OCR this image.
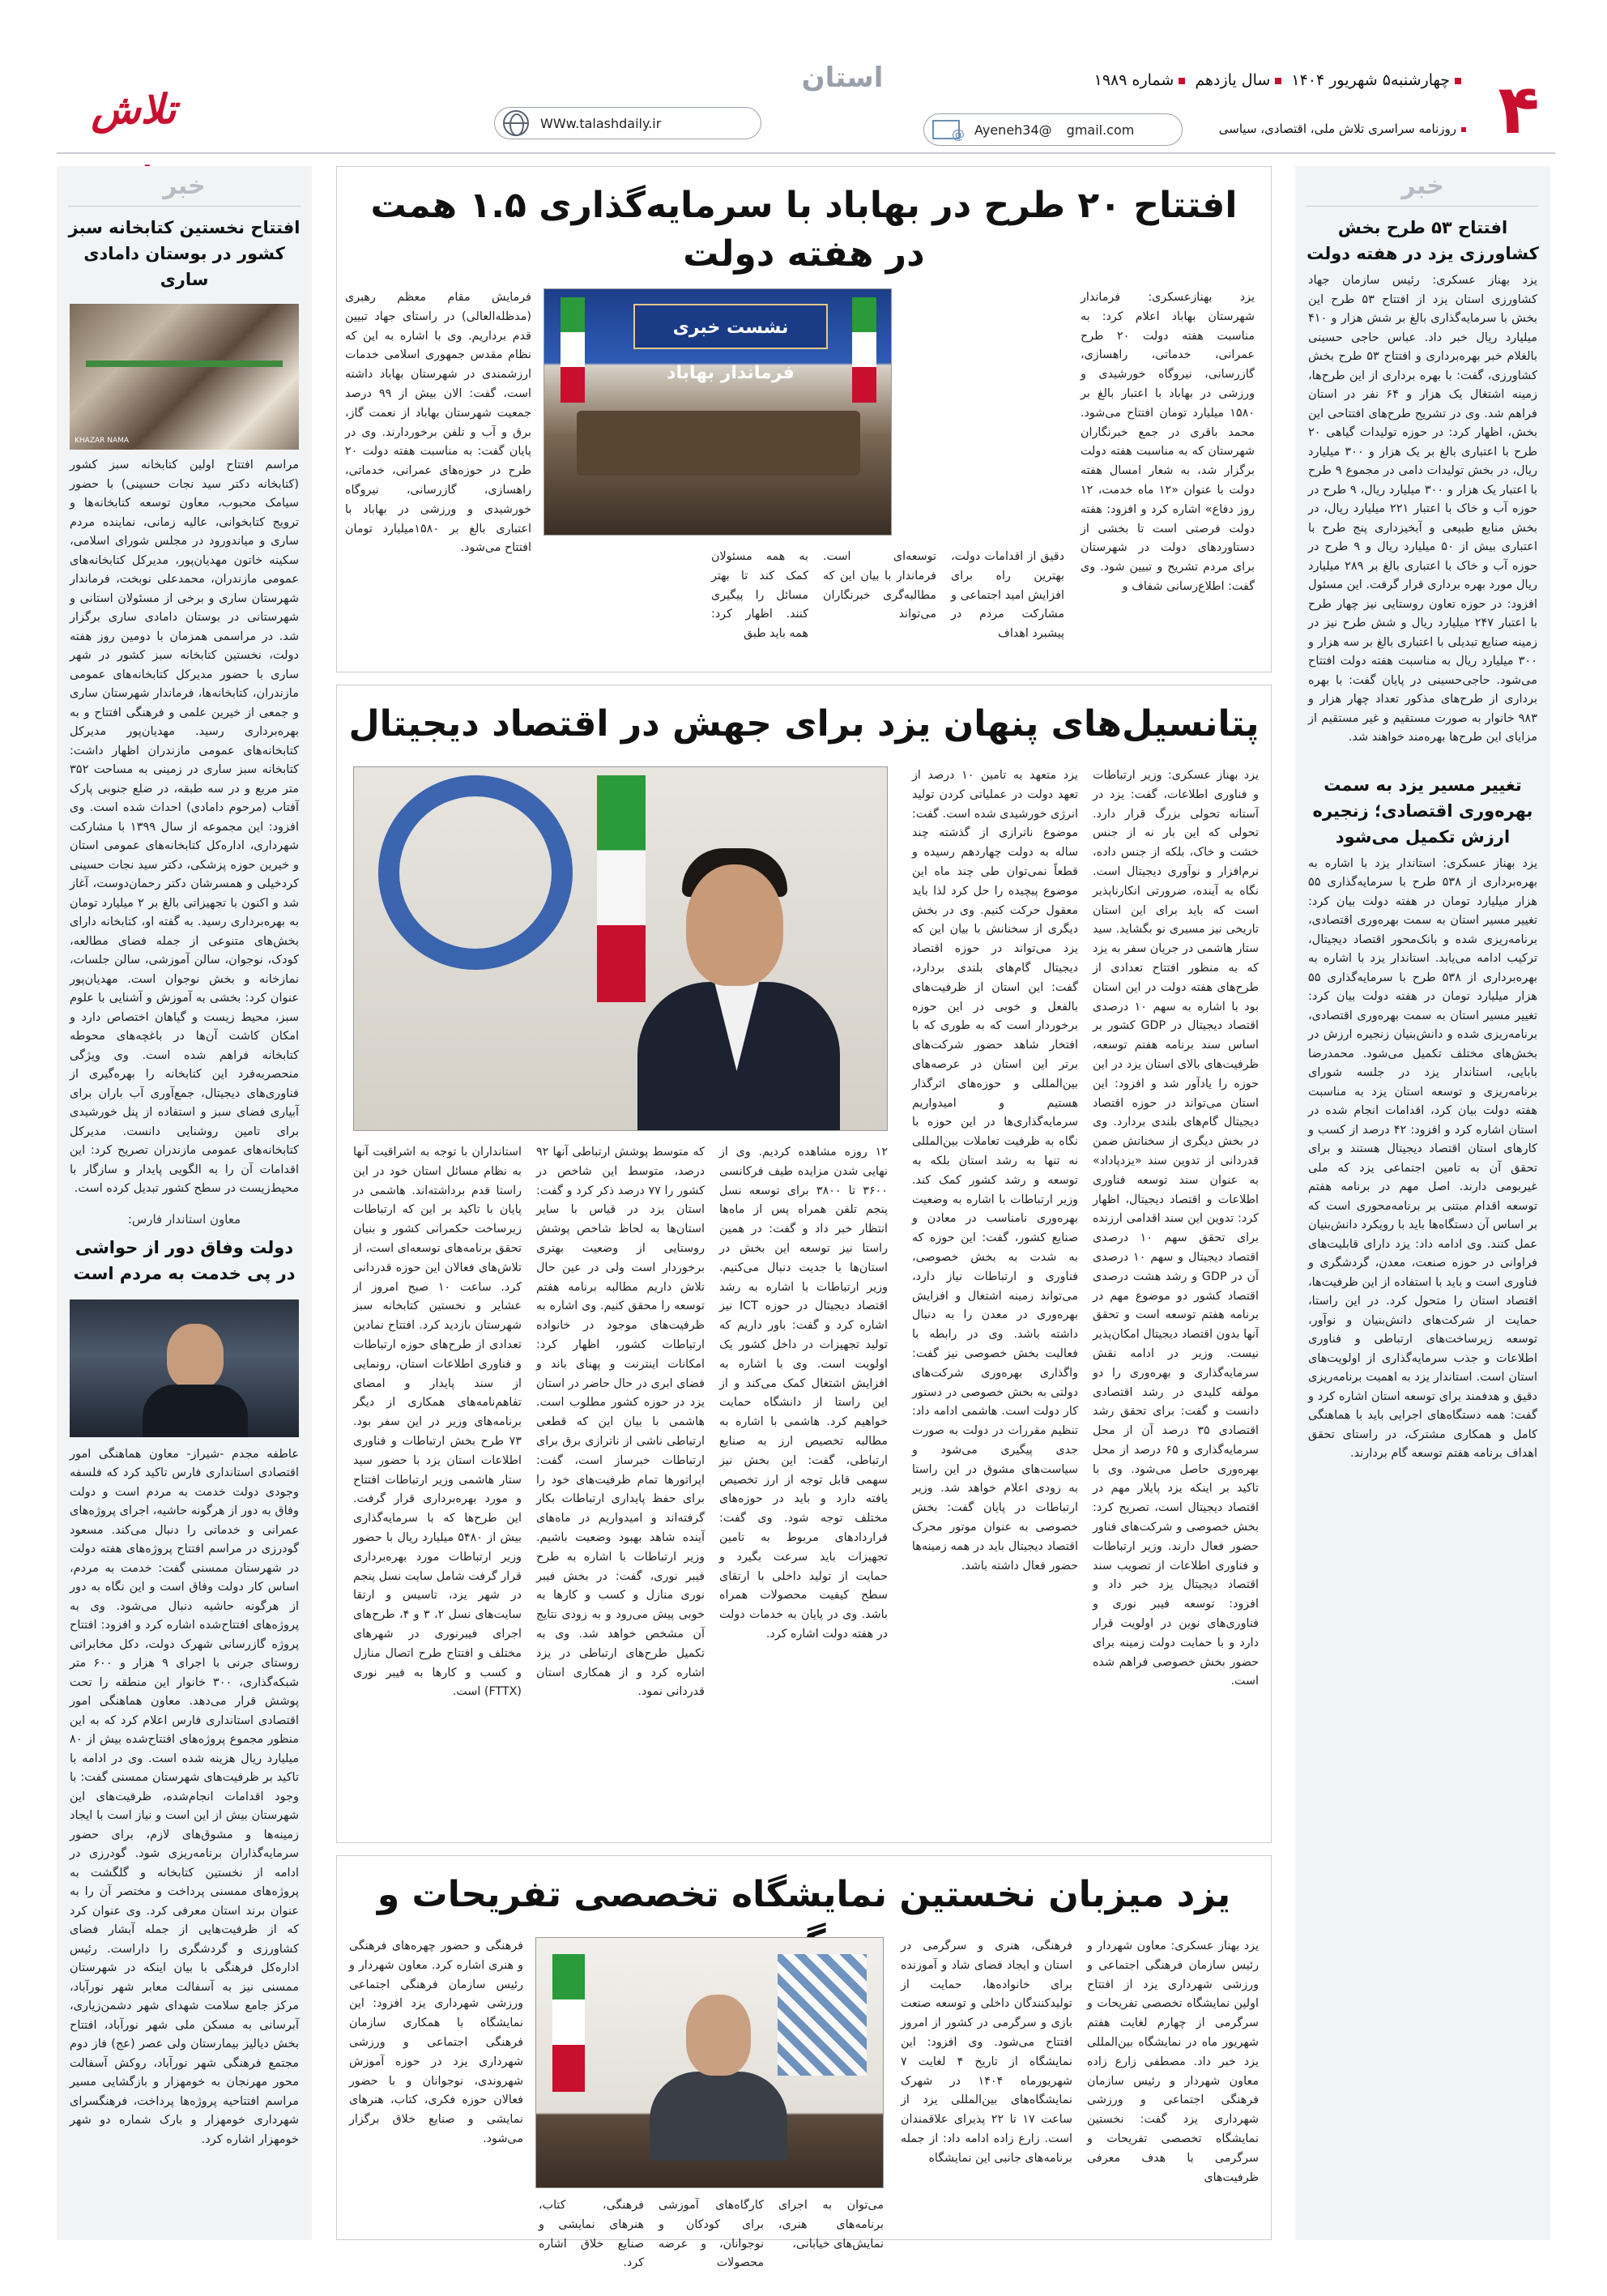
۴
چهارشنبه۵ شهریور ۱۴۰۴ سال یازدهم شماره ۱۹۸۹
روزنامه سراسری تلاش ملی، اقتصادی، سیاسی
استان
@
Ayeneh34@ gmail.com
WWw.talashdaily.ir
تلاش
خبر
افتتاح ۵۳ طرح بخش کشاورزی یزد در هفته دولت

یزد بهناز عسکری: رئیس سازمان جهاد کشاورزی استان یزد از افتتاح ۵۳ طرح این بخش با سرمایه‌گذاری بالغ بر شش هزار و ۴۱۰ میلیارد ریال خبر داد. عباس حاجی حسینی بالغلام خبر بهره‌برداری و افتتاح ۵۳ طرح بخش کشاورزی، گفت: با بهره برداری از این طرح‌ها، زمینه اشتغال یک هزار و ۶۴ نفر در استان فراهم شد. وی در تشریح طرح‌های افتتاحی این بخش، اظهار کرد: در حوزه تولیدات گیاهی ۲۰ طرح با اعتباری بالغ بر یک هزار و ۳۰۰ میلیارد ریال، در بخش تولیدات دامی در مجموع ۹ طرح با اعتبار یک هزار و ۳۰۰ میلیارد ریال، ۹ طرح در حوزه آب و خاک با اعتبار ۲۲۱ میلیارد ریال، در بخش منابع طبیعی و آبخیزداری پنج طرح با اعتباری بیش از ۵۰ میلیارد ریال و ۹ طرح در حوزه آب و خاک با اعتباری بالغ بر ۲۸۹ میلیارد ریال مورد بهره برداری قرار گرفت. این مسئول افزود: در حوزه تعاون روستایی نیز چهار طرح با اعتبار ۲۴۷ میلیارد ریال و شش طرح نیز در زمینه صنایع تبدیلی با اعتباری بالغ بر سه هزار و ۳۰۰ میلیارد ریال به مناسبت هفته دولت افتتاح می‌شود. حاجی‌حسینی در پایان گفت: با بهره برداری از طرح‌های مذکور تعداد چهار هزار و ۹۸۳ خانوار به صورت مستقیم و غیر مستقیم از مزایای این طرح‌ها بهره‌مند خواهند شد.

تغییر مسیر یزد به سمت بهره‌وری اقتصادی؛ زنجیره ارزش تکمیل می‌شود

یزد بهناز عسکری: استاندار یزد با اشاره به بهره‌برداری از ۵۳۸ طرح با سرمایه‌گذاری ۵۵ هزار میلیارد تومان در هفته دولت بیان کرد: تغییر مسیر استان به سمت بهره‌وری اقتصادی، برنامه‌ریزی شده و بانک‌محور اقتصاد دیجیتال، ترکیب ادامه می‌یابد. استاندار یزد با اشاره به بهره‌برداری از ۵۳۸ طرح با سرمایه‌گذاری ۵۵ هزار میلیارد تومان در هفته دولت بیان کرد: تغییر مسیر استان به سمت بهره‌وری اقتصادی، برنامه‌ریزی شده و دانش‌بنیان زنجیره ارزش در بخش‌های مختلف تکمیل می‌شود. محمدرضا بابایی، استاندار یزد در جلسه شورای برنامه‌ریزی و توسعه استان یزد به مناسبت هفته دولت بیان کرد، اقدامات انجام شده در استان اشاره کرد و افزود: ۴۲ درصد از کسب و کارهای استان اقتصاد دیجیتال هستند و برای تحقق آن به تامین اجتماعی یزد که ملی غیربومی دارند. اصل مهم در برنامه هفتم توسعه اقدام مبتنی بر برنامه‌محوری است که بر اساس آن دستگاه‌ها باید با رویکرد دانش‌بنیان عمل کنند. وی ادامه داد: یزد دارای قابلیت‌های فراوانی در حوزه صنعت، معدن، گردشگری و فناوری است و باید با استفاده از این ظرفیت‌ها، اقتصاد استان را متحول کرد. در این راستا، حمایت از شرکت‌های دانش‌بنیان و نوآور، توسعه زیرساخت‌های ارتباطی و فناوری اطلاعات و جذب سرمایه‌گذاری از اولویت‌های استان است. استاندار یزد به اهمیت برنامه‌ریزی دقیق و هدفمند برای توسعه استان اشاره کرد و گفت: همه دستگاه‌های اجرایی باید با هماهنگی کامل و همکاری مشترک، در راستای تحقق اهداف برنامه هفتم توسعه گام بردارند.

خبر
افتتاح نخستین کتابخانه سبز کشور در بوستان دامادی ساری
KHAZAR NAMA

مراسم افتتاح اولین کتابخانه سبز کشور (کتابخانه دکتر سید نجات حسینی) با حضور سیامک محبوب، معاون توسعه کتابخانه‌ها و ترویج کتابخوانی، عالیه زمانی، نماینده مردم ساری و میاندورود در مجلس شورای اسلامی، سکینه خاتون مهدیان‌پور، مدیرکل کتابخانه‌های عمومی مازندران، محمدعلی نوبخت، فرماندار شهرستان ساری و برخی از مسئولان استانی و شهرستانی در بوستان دامادی ساری برگزار شد. در مراسمی همزمان با دومین روز هفته دولت، نخستین کتابخانه سبز کشور در شهر ساری با حضور مدیرکل کتابخانه‌های عمومی مازندران، کتابخانه‌ها، فرماندار شهرستان ساری و جمعی از خیرین علمی و فرهنگی افتتاح و به بهره‌برداری رسید. مهدیان‌پور مدیرکل کتابخانه‌های عمومی مازندران اظهار داشت: کتابخانه سبز ساری در زمینی به مساحت ۳۵۲ متر مربع و در سه طبقه، در ضلع جنوبی پارک آفتاب (مرحوم دامادی) احداث شده است. وی افزود: این مجموعه از سال ۱۳۹۹ با مشارکت شهرداری، اداره‌کل کتابخانه‌های عمومی استان و خیرین حوزه پزشکی، دکتر سید نجات حسینی کردخیلی و همسرشان دکتر رحمان‌دوست، آغاز شد و اکنون با تجهیزاتی بالغ بر ۲ میلیارد تومان به بهره‌برداری رسید. به گفته او، کتابخانه دارای بخش‌های متنوعی از جمله فضای مطالعه، کودک، نوجوان، سالن آموزشی، سالن جلسات، نمازخانه و بخش نوجوان است. مهدیان‌پور عنوان کرد: بخشی به آموزش و آشنایی با علوم سبز، محیط زیست و گیاهان اختصاص دارد و امکان کاشت آن‌ها در باغچه‌های محوطه کتابخانه فراهم شده است. وی ویژگی منحصربه‌فرد این کتابخانه را بهره‌گیری از فناوری‌های دیجیتال، جمع‌آوری آب باران برای آبیاری فضای سبز و استفاده از پنل خورشیدی برای تامین روشنایی دانست. مدیرکل کتابخانه‌های عمومی مازندران تصریح کرد: این اقدامات آن را به الگویی پایدار و سازگار با محیط‌زیست در سطح کشور تبدیل کرده است.

معاون استاندار فارس:
دولت وفاق دور از حواشی در پی خدمت به مردم است

عاطفه مجدم -شیراز- معاون هماهنگی امور اقتصادی استانداری فارس تاکید کرد که فلسفه وجودی دولت خدمت به مردم است و دولت وفاق به دور از هرگونه حاشیه، اجرای پروژه‌های عمرانی و خدماتی را دنبال می‌کند. مسعود گودرزی در مراسم افتتاح پروژه‌های هفته دولت در شهرستان ممسنی گفت: خدمت به مردم، اساس کار دولت وفاق است و این نگاه به دور از هرگونه حاشیه دنبال می‌شود. وی به پروژه‌های افتتاح‌شده اشاره کرد و افزود: افتتاح پروژه گازرسانی شهرک دولت، دکل مخابراتی روستای جرنی با اجرای ۹ هزار و ۶۰۰ متر شبکه‌گذاری، ۳۰۰ خانوار این منطقه را تحت پوشش قرار می‌دهد. معاون هماهنگی امور اقتصادی استانداری فارس اعلام کرد که به این منظور مجموع پروژه‌های افتتاح‌شده بیش از ۸۰ میلیارد ریال هزینه شده است. وی در ادامه با تاکید بر ظرفیت‌های شهرستان ممسنی گفت: با وجود اقدامات انجام‌شده، ظرفیت‌های این شهرستان بیش از این است و نیاز است با ایجاد زمینه‌ها و مشوق‌های لازم، برای حضور سرمایه‌گذاران برنامه‌ریزی شود. گودرزی در ادامه از نخستین کتابخانه و گلگشت به پروژه‌های ممسنی پرداخت و مختصر آن را به عنوان برند استان معرفی کرد. وی عنوان کرد که از ظرفیت‌هایی از جمله آبشار فضای کشاورزی و گردشگری را داراست. رئیس اداره‌کل فرهنگی با بیان اینکه در شهرستان ممسنی نیز به آسفالت معابر شهر نورآباد، مرکز جامع سلامت شهدای شهر دشمن‌زیاری، آبرسانی به مسکن ملی شهر نورآباد، افتتاح بخش دیالیز بیمارستان ولی عصر (عج) فاز دوم مجتمع فرهنگی شهر نورآباد، روکش آسفالت محور مهرنجان به خومهزار و بازگشایی مسیر مراسم افتتاحیه پروژه‌ها پرداخت، فرهنگسرای شهرداری خومهزار و بارک شماره دو شهر خومهزار اشاره کرد.

افتتاح ۲۰ طرح در بهاباد با سرمایه‌گذاری ۱.۵ همت در هفته دولت
نشست خبری فرماندار بهاباد
یزد بهنازعسکری: فرماندار شهرستان بهاباد اعلام کرد: به مناسبت هفته دولت ۲۰ طرح عمرانی، خدماتی، راهسازی، گازرسانی، نیروگاه خورشیدی و ورزشی در بهاباد با اعتبار بالغ بر ۱۵۸۰ میلیارد تومان افتتاح می‌شود. محمد باقری در جمع خبرنگاران شهرستان که به مناسبت هفته دولت برگزار شد، به شعار امسال هفته دولت با عنوان «۱۲ ماه خدمت، ۱۲ روز دفاع» اشاره کرد و افزود: هفته دولت فرصتی است تا بخشی از دستاوردهای دولت در شهرستان برای مردم تشریح و تبیین شود. وی گفت: اطلاع‌رسانی شفاف و
دقیق از اقدامات دولت، بهترین راه برای افزایش امید اجتماعی و مشارکت مردم در پیشبرد اهداف
توسعه‌ای است. فرماندار با بیان این که مطالبه‌گری خبرنگاران می‌تواند
به همه مسئولان کمک کند تا بهتر مسائل را پیگیری کنند. اظهار کرد: همه باید طبق
فرمایش مقام معظم رهبری (مدظله‌العالی) در راستای جهاد تبیین قدم برداریم. وی با اشاره به این که نظام مقدس جمهوری اسلامی خدمات ارزشمندی در شهرستان بهاباد داشته است، گفت: الان بیش از ۹۹ درصد جمعیت شهرستان بهاباد از نعمت گاز، برق و آب و تلفن برخوردارند. وی در پایان گفت: به مناسبت هفته دولت ۲۰ طرح در حوزه‌های عمرانی، خدماتی، راهسازی، گازرسانی، نیروگاه خورشیدی و ورزشی در بهاباد با اعتباری بالغ بر ۱۵۸۰میلیارد تومان افتتاح می‌شود.
پتانسیل‌های پنهان یزد برای جهش در اقتصاد دیجیتال
یزد بهناز عسکری: وزیر ارتباطات و فناوری اطلاعات، گفت: یزد در آستانه تحولی بزرگ قرار دارد. تحولی که این بار نه از جنس خشت و خاک، بلکه از جنس داده، نرم‌افزار و نوآوری دیجیتال است. نگاه به آینده، ضرورتی انکارناپذیر است که باید برای این استان تاریخی نیز مسیری نو بگشاید. سید ستار هاشمی در جریان سفر به یزد که به منظور افتتاح تعدادی از طرح‌های هفته دولت در این استان بود با اشاره به سهم ۱۰ درصدی اقتصاد دیجیتال در GDP کشور بر اساس سند برنامه هفتم توسعه، ظرفیت‌های بالای استان یزد در این حوزه را یادآور شد و افزود: این استان می‌تواند در حوزه اقتصاد دیجیتال گام‌های بلندی بردارد. وی در بخش دیگری از سخنانش ضمن قدردانی از تدوین سند «یزدپاداد» به عنوان سند توسعه فناوری اطلاعات و اقتصاد دیجیتال، اظهار کرد: تدوین این سند اقدامی ارزنده برای تحقق سهم ۱۰ درصدی اقتصاد دیجیتال و سهم ۱۰ درصدی آن در GDP و رشد هشت درصدی اقتصاد کشور دو موضوع مهم در برنامه هفتم توسعه است و تحقق آنها بدون اقتصاد دیجیتال امکان‌پذیر نیست. وزیر در ادامه نقش سرمایه‌گذاری و بهره‌وری را دو مولفه کلیدی در رشد اقتصادی دانست و گفت: برای تحقق رشد اقتصادی ۳۵ درصد آن از محل سرمایه‌گذاری و ۶۵ درصد از محل بهره‌وری حاصل می‌شود. وی با تاکید بر اینکه یزد پایلار مهم در اقتصاد دیجیتال است، تصریح کرد: بخش خصوصی و شرکت‌های فناور حضور فعال دارند. وزیر ارتباطات و فناوری اطلاعات از تصویب سند اقتصاد دیجیتال یزد خبر داد و افزود: توسعه فیبر نوری و فناوری‌های نوین در اولویت قرار دارد و با حمایت دولت زمینه برای حضور بخش خصوصی فراهم شده است.
یزد متعهد به تامین ۱۰ درصد از تعهد دولت در عملیاتی کردن تولید انرژی خورشیدی شده است. گفت: موضوع ناترازی از گذشته چند ساله به دولت چهاردهم رسیده و قطعاً نمی‌توان طی چند ماه این موضوع پیچیده را حل کرد لذا باید معقول حرکت کنیم. وی در بخش دیگری از سخنانش با بیان این که یزد می‌تواند در حوزه اقتصاد دیجیتال گام‌های بلندی بردارد، گفت: این استان از ظرفیت‌های بالفعل و خوبی در این حوزه برخوردار است که به طوری که با افتخار شاهد حضور شرکت‌های برتر این استان در عرصه‌های بین‌المللی و حوزه‌های اثرگذار هستیم و امیدواریم سرمایه‌گذاری‌ها در این حوزه با نگاه به ظرفیت تعاملات بین‌المللی نه تنها به رشد استان بلکه به توسعه و رشد کشور کمک کند. وزیر ارتباطات با اشاره به وضعیت بهره‌وری نامناسب در معادن و صنایع کشور، گفت: این حوزه که به شدت به بخش خصوصی، فناوری و ارتباطات نیاز دارد، می‌تواند زمینه اشتغال و افزایش بهره‌وری در معدن را به دنبال داشته باشد. وی در رابطه با فعالیت بخش خصوصی نیز گفت: واگذاری بهره‌وری شرکت‌های دولتی به بخش خصوصی در دستور کار دولت است. هاشمی ادامه داد: تنظیم مقررات در دولت به صورت جدی پیگیری می‌شود و سیاست‌های مشوق در این راستا به زودی اعلام خواهد شد. وزیر ارتباطات در پایان گفت: بخش خصوصی به عنوان موتور محرک اقتصاد دیجیتال باید در همه زمینه‌ها حضور فعال داشته باشد.
۱۲ روزه مشاهده کردیم. وی از نهایی شدن مزایده طیف فرکانسی ۳۶۰۰ تا ۳۸۰۰ برای توسعه نسل پنجم تلفن همراه پس از ماه‌ها انتظار خبر داد و گفت: در همین راستا نیز توسعه این بخش در استان‌ها با جدیت دنبال می‌کنیم. وزیر ارتباطات با اشاره به رشد اقتصاد دیجیتال در حوزه ICT نیز اشاره کرد و گفت: باور داریم که تولید تجهیزات در داخل کشور یک اولویت است. وی با اشاره به افزایش اشتغال کمک می‌کند و از این راستا از دانشگاه حمایت خواهیم کرد. هاشمی با اشاره به مطالبه تخصیص ارز به صنایع ارتباطی، گفت: این بخش نیز سهمی قابل توجه از ارز تخصیص یافته دارد و باید در حوزه‌های مختلف توجه شود. وی گفت: قراردادهای مربوط به تامین تجهیزات باید سرعت بگیرد و حمایت از تولید داخلی با ارتقای سطح کیفیت محصولات همراه باشد. وی در پایان به خدمات دولت در هفته دولت اشاره کرد.
که متوسط پوشش ارتباطی آنها ۹۲ درصد، متوسط این شاخص در کشور را ۷۷ درصد ذکر کرد و گفت: استان یزد در قیاس با سایر استان‌ها به لحاظ شاخص پوشش روستایی از وضعیت بهتری برخوردار است ولی در عین حال تلاش داریم مطالبه برنامه هفتم توسعه را محقق کنیم. وی اشاره به ظرفیت‌های موجود در خانواده ارتباطات کشور، اظهار کرد: امکانات اینترنت و پهنای باند و فضای ابری در حال حاضر در استان یزد در حوزه کشور مطلوب است. هاشمی با بیان این که قطعی ارتباطی ناشی از ناترازی برق برای ارتباطات خبرساز است، گفت: اپراتورها تمام ظرفیت‌های خود را برای حفظ پایداری ارتباطات بکار گرفته‌اند و امیدواریم در ماه‌های آینده شاهد بهبود وضعیت باشیم. وزیر ارتباطات با اشاره به طرح فیبر نوری، گفت: در بخش فیبر نوری منازل و کسب و کارها به خوبی پیش می‌رود و به زودی نتایج آن مشخص خواهد شد. وی به تکمیل طرح‌های ارتباطی در یزد اشاره کرد و از همکاری استان قدردانی نمود.
استانداران با توجه به اشراقیت آنها به نظام مسائل استان خود در این راستا قدم برداشته‌اند. هاشمی در پایان با تاکید بر این که ارتباطات زیرساخت حکمرانی کشور و بنیان تحقق برنامه‌های توسعه‌ای است، از تلاش‌های فعالان این حوزه قدردانی کرد. ساعت ۱۰ صبح امروز از عشایر و نخستین کتابخانه سبز شهرستان بازدید کرد. افتتاح نمادین تعدادی از طرح‌های حوزه ارتباطات و فناوری اطلاعات استان، رونمایی از سند پایدار و امضای تفاهم‌نامه‌های همکاری از دیگر برنامه‌های وزیر در این سفر بود. ۷۳ طرح بخش ارتباطات و فناوری اطلاعات استان یزد با حضور سید ستار هاشمی وزیر ارتباطات افتتاح و مورد بهره‌برداری قرار گرفت. این طرح‌ها که با سرمایه‌گذاری بیش از ۵۴۸۰ میلیارد ریال با حضور وزیر ارتباطات مورد بهره‌برداری قرار گرفت شامل سایت نسل پنجم در شهر یزد، تاسیس و ارتقا سایت‌های نسل ۲، ۳ و ۴، طرح‌های اجرای فیبرنوری در شهرهای مختلف و افتتاح طرح اتصال منازل و کسب و کارها به فیبر نوری (FTTX) است.
یزد میزبان نخستین نمایشگاه تخصصی تفریحات و
یزد بهناز عسکری: معاون شهردار و رئیس سازمان فرهنگی اجتماعی و ورزشی شهرداری یزد از افتتاح اولین نمایشگاه تخصصی تفریحات و سرگرمی از چهارم لغایت هفتم شهریور ماه در نمایشگاه بین‌المللی یزد خبر داد. مصطفی زارع زاده معاون شهردار و رئیس سازمان فرهنگی اجتماعی و ورزشی شهرداری یزد گفت: نخستین نمایشگاه تخصصی تفریحات و سرگرمی با هدف معرفی ظرفیت‌های
فرهنگی، هنری و سرگرمی در استان و ایجاد فضای شاد و آموزنده برای خانواده‌ها، حمایت از تولیدکنندگان داخلی و توسعه صنعت بازی و سرگرمی در کشور از امروز افتتاح می‌شود. وی افزود: این نمایشگاه از تاریخ ۴ لغایت ۷ شهریورماه ۱۴۰۴ در شهرک نمایشگاه‌های بین‌المللی یزد از ساعت ۱۷ تا ۲۲ پذیرای علاقمندان است. زارع زاده ادامه داد: از جمله برنامه‌های جانبی این نمایشگاه
می‌توان به اجرای برنامه‌های هنری، نمایش‌های خیابانی،
کارگاه‌های آموزشی برای کودکان و نوجوانان، و عرضه محصولات
فرهنگی، کتاب، هنرهای نمایشی و صنایع خلاق اشاره کرد.
فرهنگی و حضور چهره‌های فرهنگی و هنری اشاره کرد. معاون شهردار و رئیس سازمان فرهنگی اجتماعی ورزشی شهرداری یزد افزود: این نمایشگاه با همکاری سازمان فرهنگی اجتماعی و ورزشی شهرداری یزد در حوزه آموزش شهروندی، نوجوانان و با حضور فعالان حوزه فکری، کتاب، هنرهای نمایشی و صنایع خلاق برگزار می‌شود.
